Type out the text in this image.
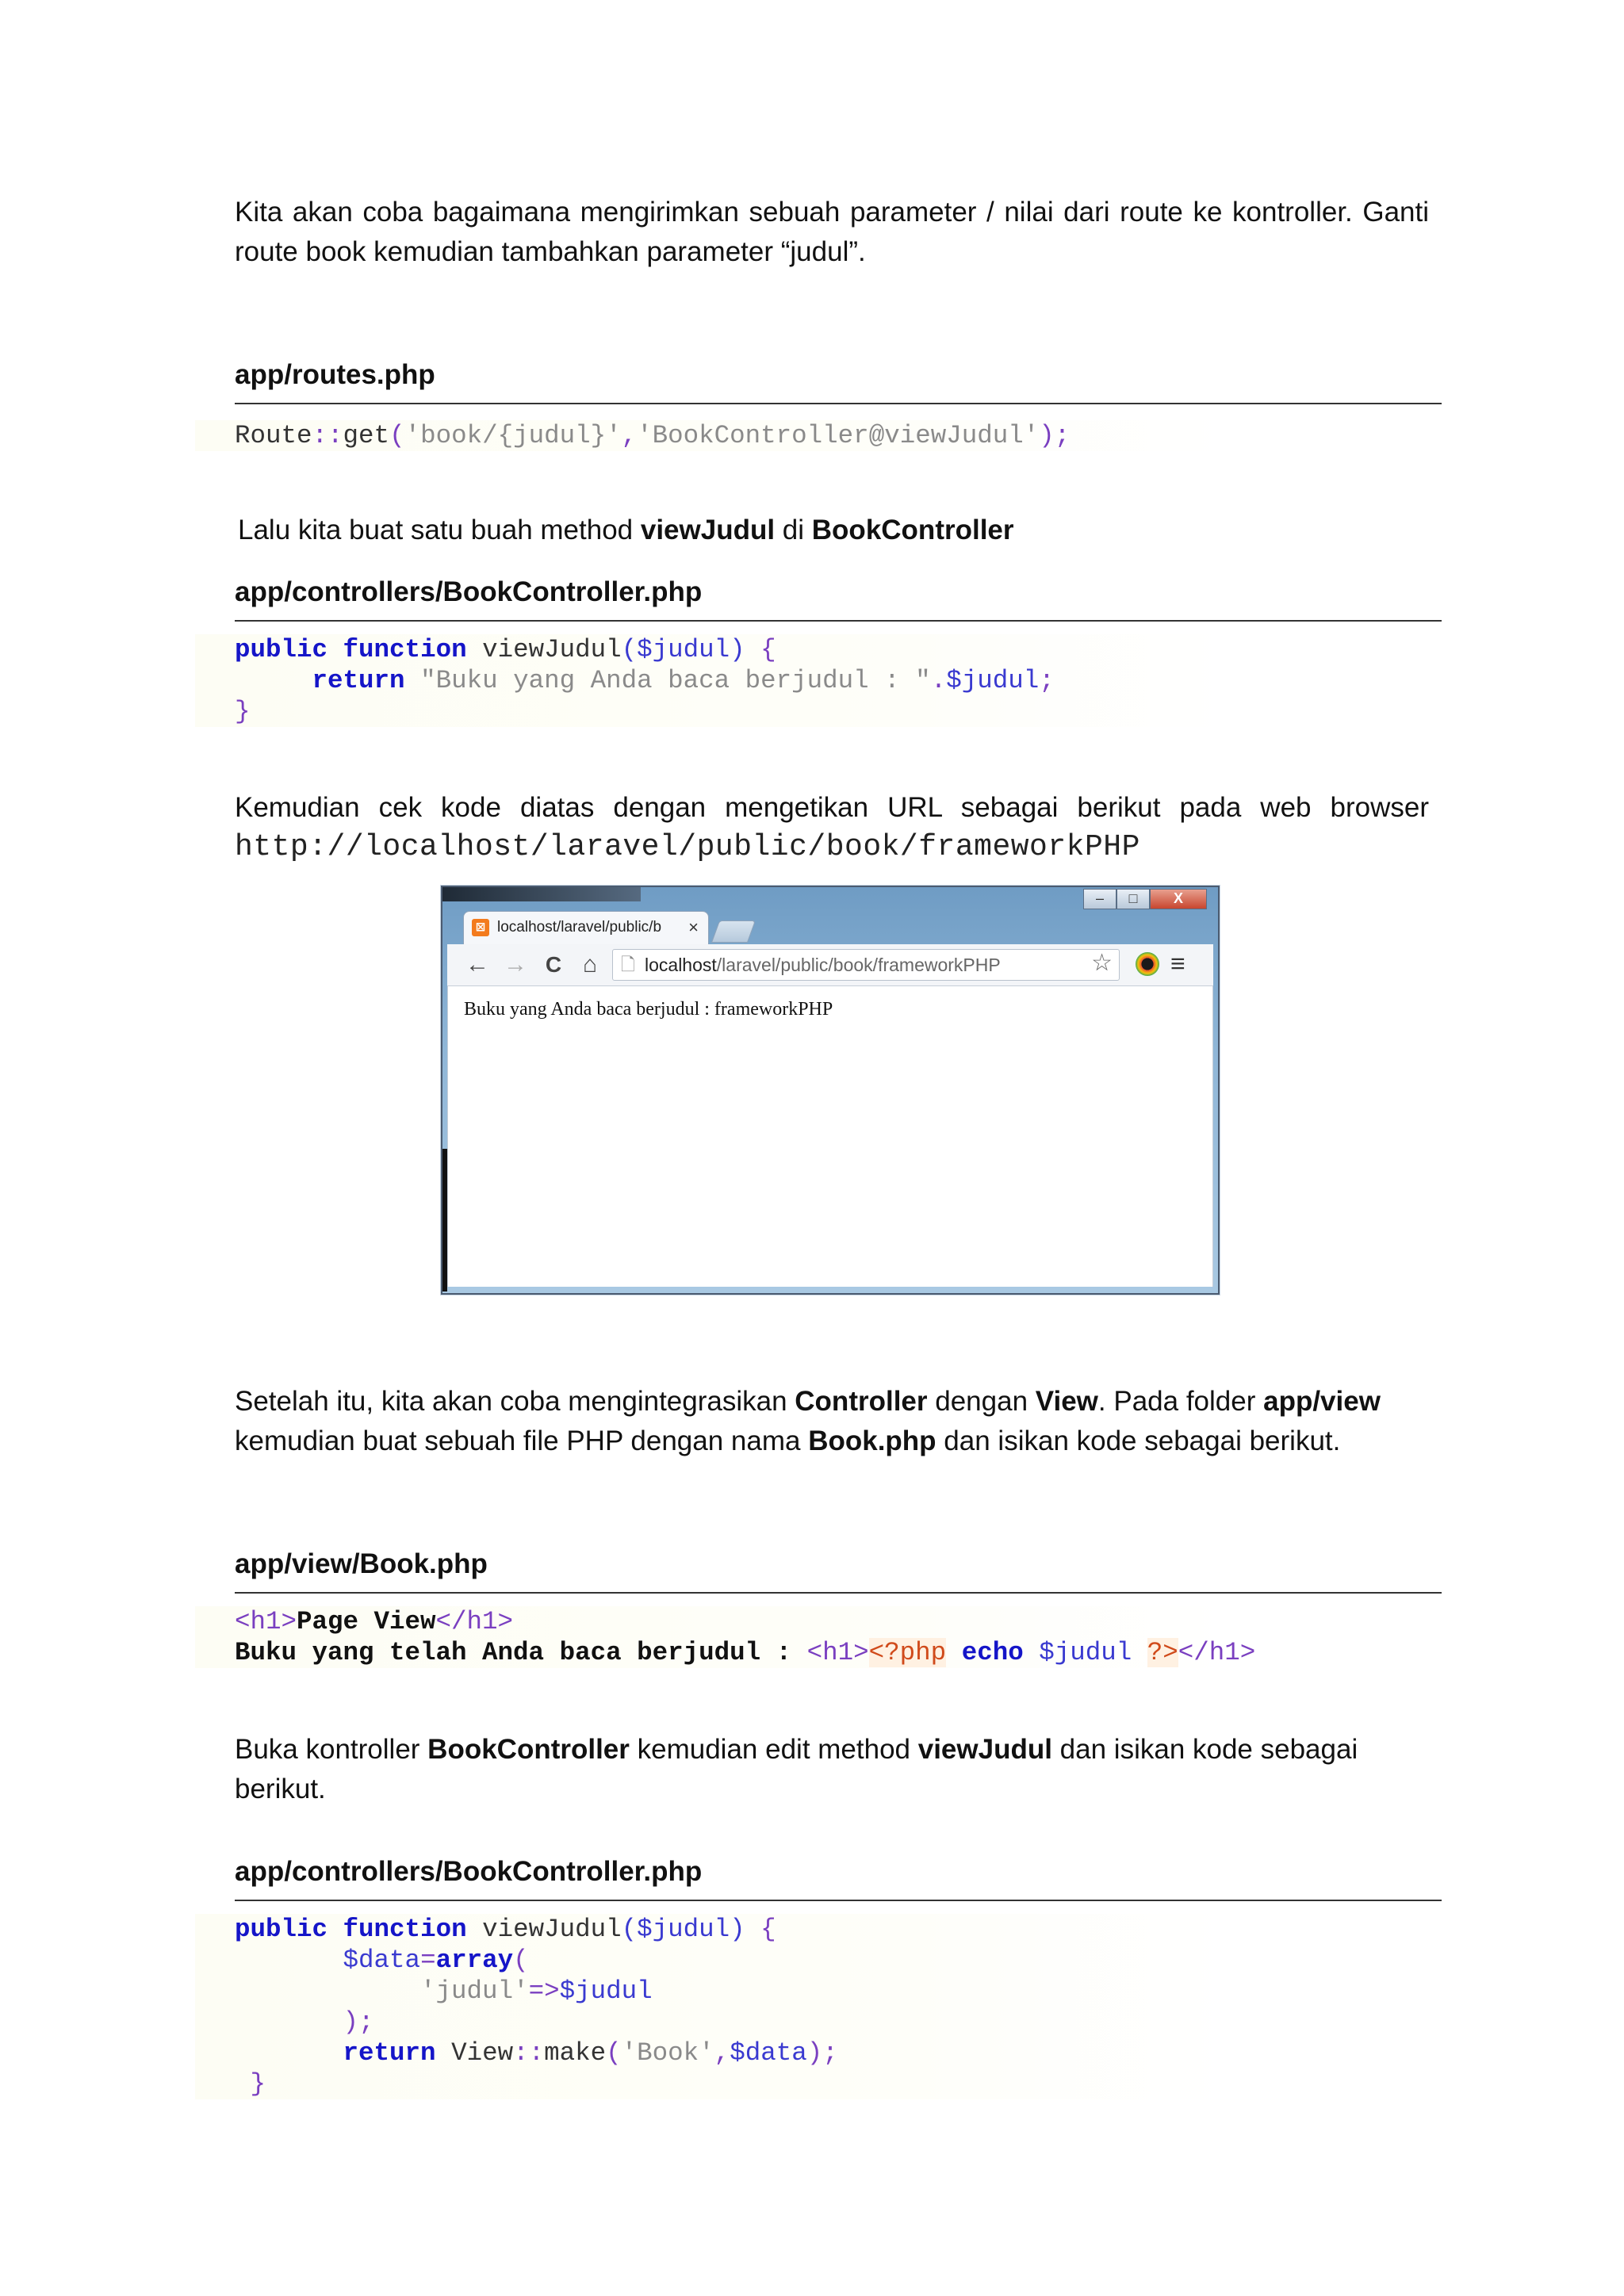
Kita akan coba bagaimana mengirimkan sebuah parameter / nilai dari route ke kontroller. Ganti
route book kemudian tambahkan parameter “judul”.
app/routes.php
Route::get('book/{judul}','BookController@viewJudul');
Lalu kita buat satu buah method viewJudul di BookController
app/controllers/BookController.php
public function viewJudul($judul) {
return "Buku yang Anda baca berjudul : ".$judul;
}
Kemudian cek kode diatas dengan mengetikan URL sebagai berikut pada web browser
http://localhost/laravel/public/book/frameworkPHP
–	□	X
⊠ localhost/laravel/public/b ×
← → C ⌂	🗋 localhost/laravel/public/book/frameworkPHP	☆ ≡
Buku yang Anda baca berjudul : frameworkPHP
Setelah itu, kita akan coba mengintegrasikan Controller dengan View. Pada folder app/view
kemudian buat sebuah file PHP dengan nama Book.php dan isikan kode sebagai berikut.
app/view/Book.php
<h1>Page View</h1>
Buku yang telah Anda baca berjudul : <h1><?php echo $judul ?></h1>
Buka kontroller BookController kemudian edit method viewJudul dan isikan kode sebagai berikut.
app/controllers/BookController.php
public function viewJudul($judul) {
$data=array(
'judul'=>$judul
);
return View::make('Book',$data);
}
